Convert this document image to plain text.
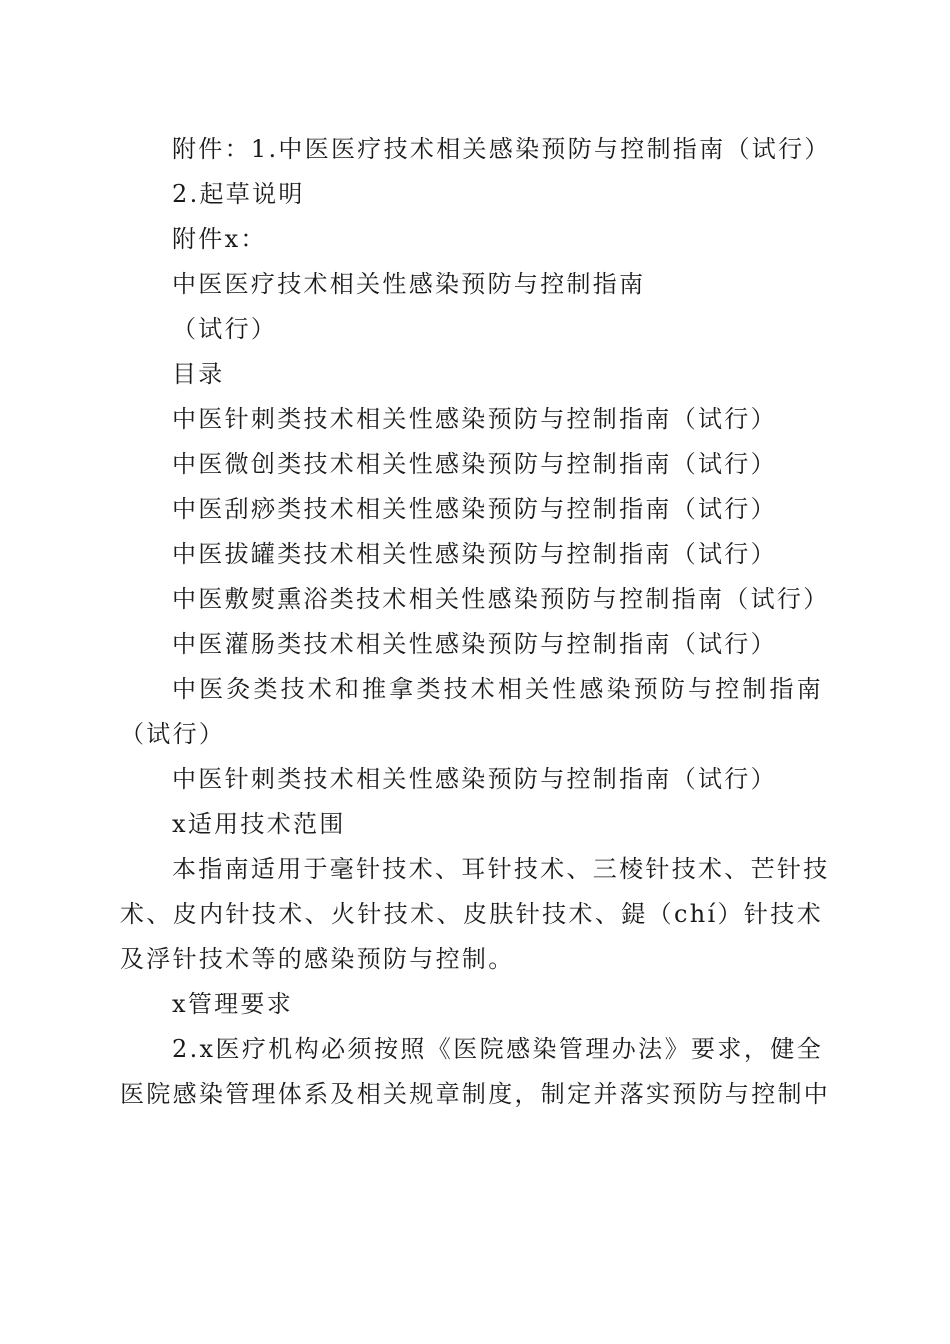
附件：1.中医医疗技术相关感染预防与控制指南（试行）
2.起草说明
附件x：
中医医疗技术相关性感染预防与控制指南
（试行）
目录
中医针刺类技术相关性感染预防与控制指南（试行）
中医微创类技术相关性感染预防与控制指南（试行）
中医刮痧类技术相关性感染预防与控制指南（试行）
中医拔罐类技术相关性感染预防与控制指南（试行）
中医敷熨熏浴类技术相关性感染预防与控制指南（试行）
中医灌肠类技术相关性感染预防与控制指南（试行）
中医灸类技术和推拿类技术相关性感染预防与控制指南
（试行）
中医针刺类技术相关性感染预防与控制指南（试行）
x适用技术范围
本指南适用于毫针技术、耳针技术、三棱针技术、芒针技
术、皮内针技术、火针技术、皮肤针技术、鍉（chí）针技术
及浮针技术等的感染预防与控制。
x管理要求
2.x医疗机构必须按照《医院感染管理办法》要求，健全
医院感染管理体系及相关规章制度，制定并落实预防与控制中
